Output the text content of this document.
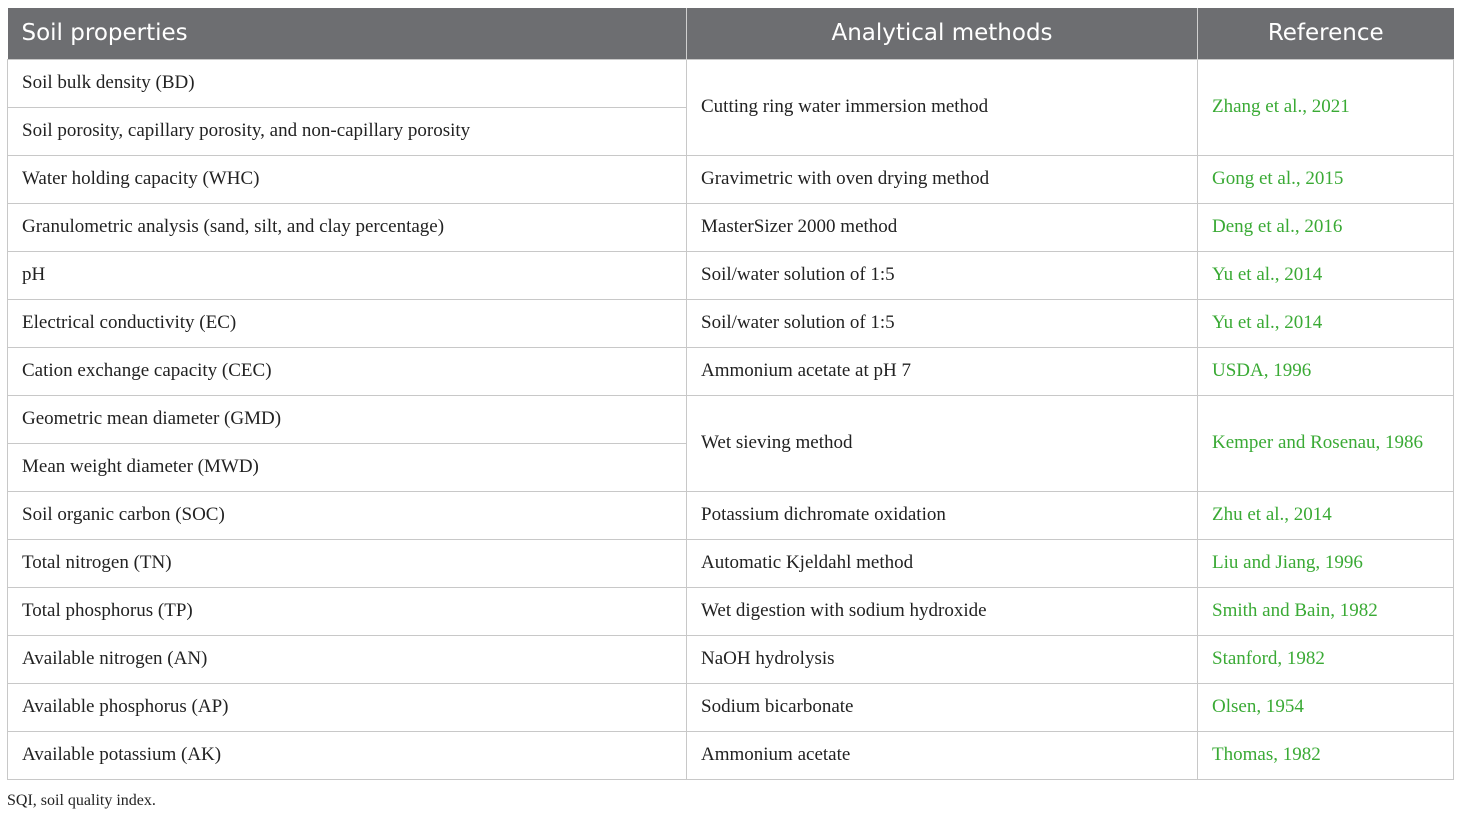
Soil properties	Analytical methods	Reference
Soil bulk density (BD)	Cutting ring water immersion method	Zhang et al., 2021
Soil porosity, capillary porosity, and non-capillary porosity		
Water holding capacity (WHC)	Gravimetric with oven drying method	Gong et al., 2015
Granulometric analysis (sand, silt, and clay percentage)	MasterSizer 2000 method	Deng et al., 2016
pH	Soil/water solution of 1:5	Yu et al., 2014
Electrical conductivity (EC)	Soil/water solution of 1:5	Yu et al., 2014
Cation exchange capacity (CEC)	Ammonium acetate at pH 7	USDA, 1996
Geometric mean diameter (GMD)	Wet sieving method	Kemper and Rosenau, 1986
Mean weight diameter (MWD)		
Soil organic carbon (SOC)	Potassium dichromate oxidation	Zhu et al., 2014
Total nitrogen (TN)	Automatic Kjeldahl method	Liu and Jiang, 1996
Total phosphorus (TP)	Wet digestion with sodium hydroxide	Smith and Bain, 1982
Available nitrogen (AN)	NaOH hydrolysis	Stanford, 1982
Available phosphorus (AP)	Sodium bicarbonate	Olsen, 1954
Available potassium (AK)	Ammonium acetate	Thomas, 1982
SQI, soil quality index.
